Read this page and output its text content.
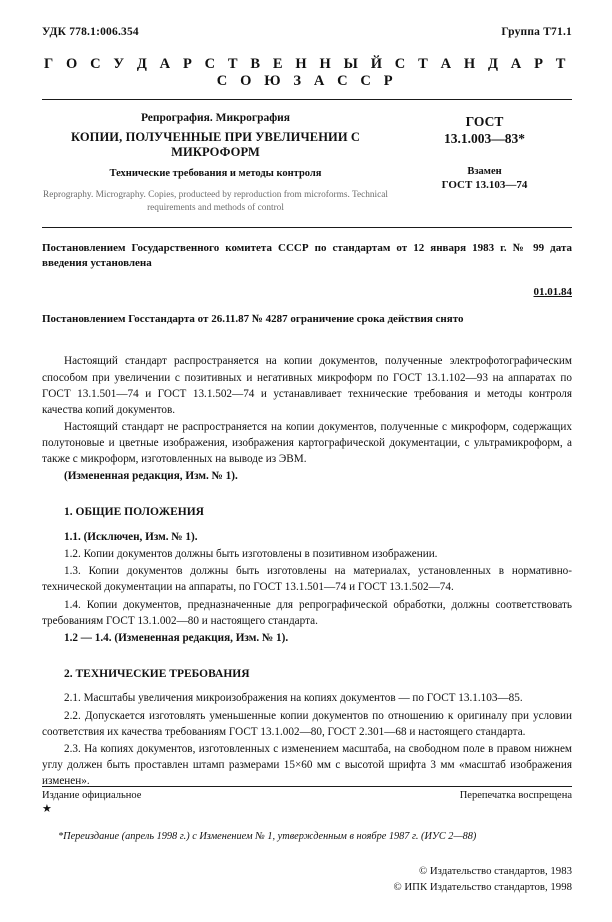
УДК 778.1:006.354	Группа Т71.1
Г О С У Д А Р С Т В Е Н Н Ы Й С Т А Н Д А Р Т С О Ю З А С С Р
Репрография. Микрография
КОПИИ, ПОЛУЧЕННЫЕ ПРИ УВЕЛИЧЕНИИ С МИКРОФОРМ
Технические требования и методы контроля
Reprography. Micrography. Copies, producteed by reproduction from microforms. Technical requirements and methods of control
ГОСТ
13.1.003—83*
Взамен
ГОСТ 13.103—74
Постановлением Государственного комитета СССР по стандартам от 12 января 1983 г. № 99 дата введения установлена
01.01.84
Постановлением Госстандарта от 26.11.87 № 4287 ограничение срока действия снято

Настоящий стандарт распространяется на копии документов, полученные электрофотографическим способом при увеличении с позитивных и негативных микроформ по ГОСТ 13.1.102—93 на аппаратах по ГОСТ 13.1.501—74 и ГОСТ 13.1.502—74 и устанавливает технические требования и методы контроля качества копий документов.

Настоящий стандарт не распространяется на копии документов, полученные с микроформ, содержащих полутоновые и цветные изображения, изображения картографической документации, с ультрамикроформ, а также с микроформ, изготовленных на выводе из ЭВМ.

(Измененная редакция, Изм. № 1).

1. ОБЩИЕ ПОЛОЖЕНИЯ

1.1. (Исключен, Изм. № 1).

1.2. Копии документов должны быть изготовлены в позитивном изображении.

1.3. Копии документов должны быть изготовлены на материалах, установленных в нормативно-технической документации на аппараты, по ГОСТ 13.1.501—74 и ГОСТ 13.1.502—74.

1.4. Копии документов, предназначенные для репрографической обработки, должны соответствовать требованиям ГОСТ 13.1.002—80 и настоящего стандарта.

1.2 — 1.4. (Измененная редакция, Изм. № 1).

2. ТЕХНИЧЕСКИЕ ТРЕБОВАНИЯ

2.1. Масштабы увеличения микроизображения на копиях документов — по ГОСТ 13.1.103—85.

2.2. Допускается изготовлять уменьшенные копии документов по отношению к оригиналу при условии соответствия их качества требованиям ГОСТ 13.1.002—80, ГОСТ 2.301—68 и настоящего стандарта.

2.3. На копиях документов, изготовленных с изменением масштаба, на свободном поле в правом нижнем углу должен быть проставлен штамп размерами 15×60 мм с высотой шрифта 3 мм «масштаб изображения изменен».

Издание официальное
★
Перепечатка воспрещена
*Переиздание (апрель 1998 г.) с Изменением № 1, утвержденным в ноябре 1987 г. (ИУС 2—88)
© Издательство стандартов, 1983
© ИПК Издательство стандартов, 1998
